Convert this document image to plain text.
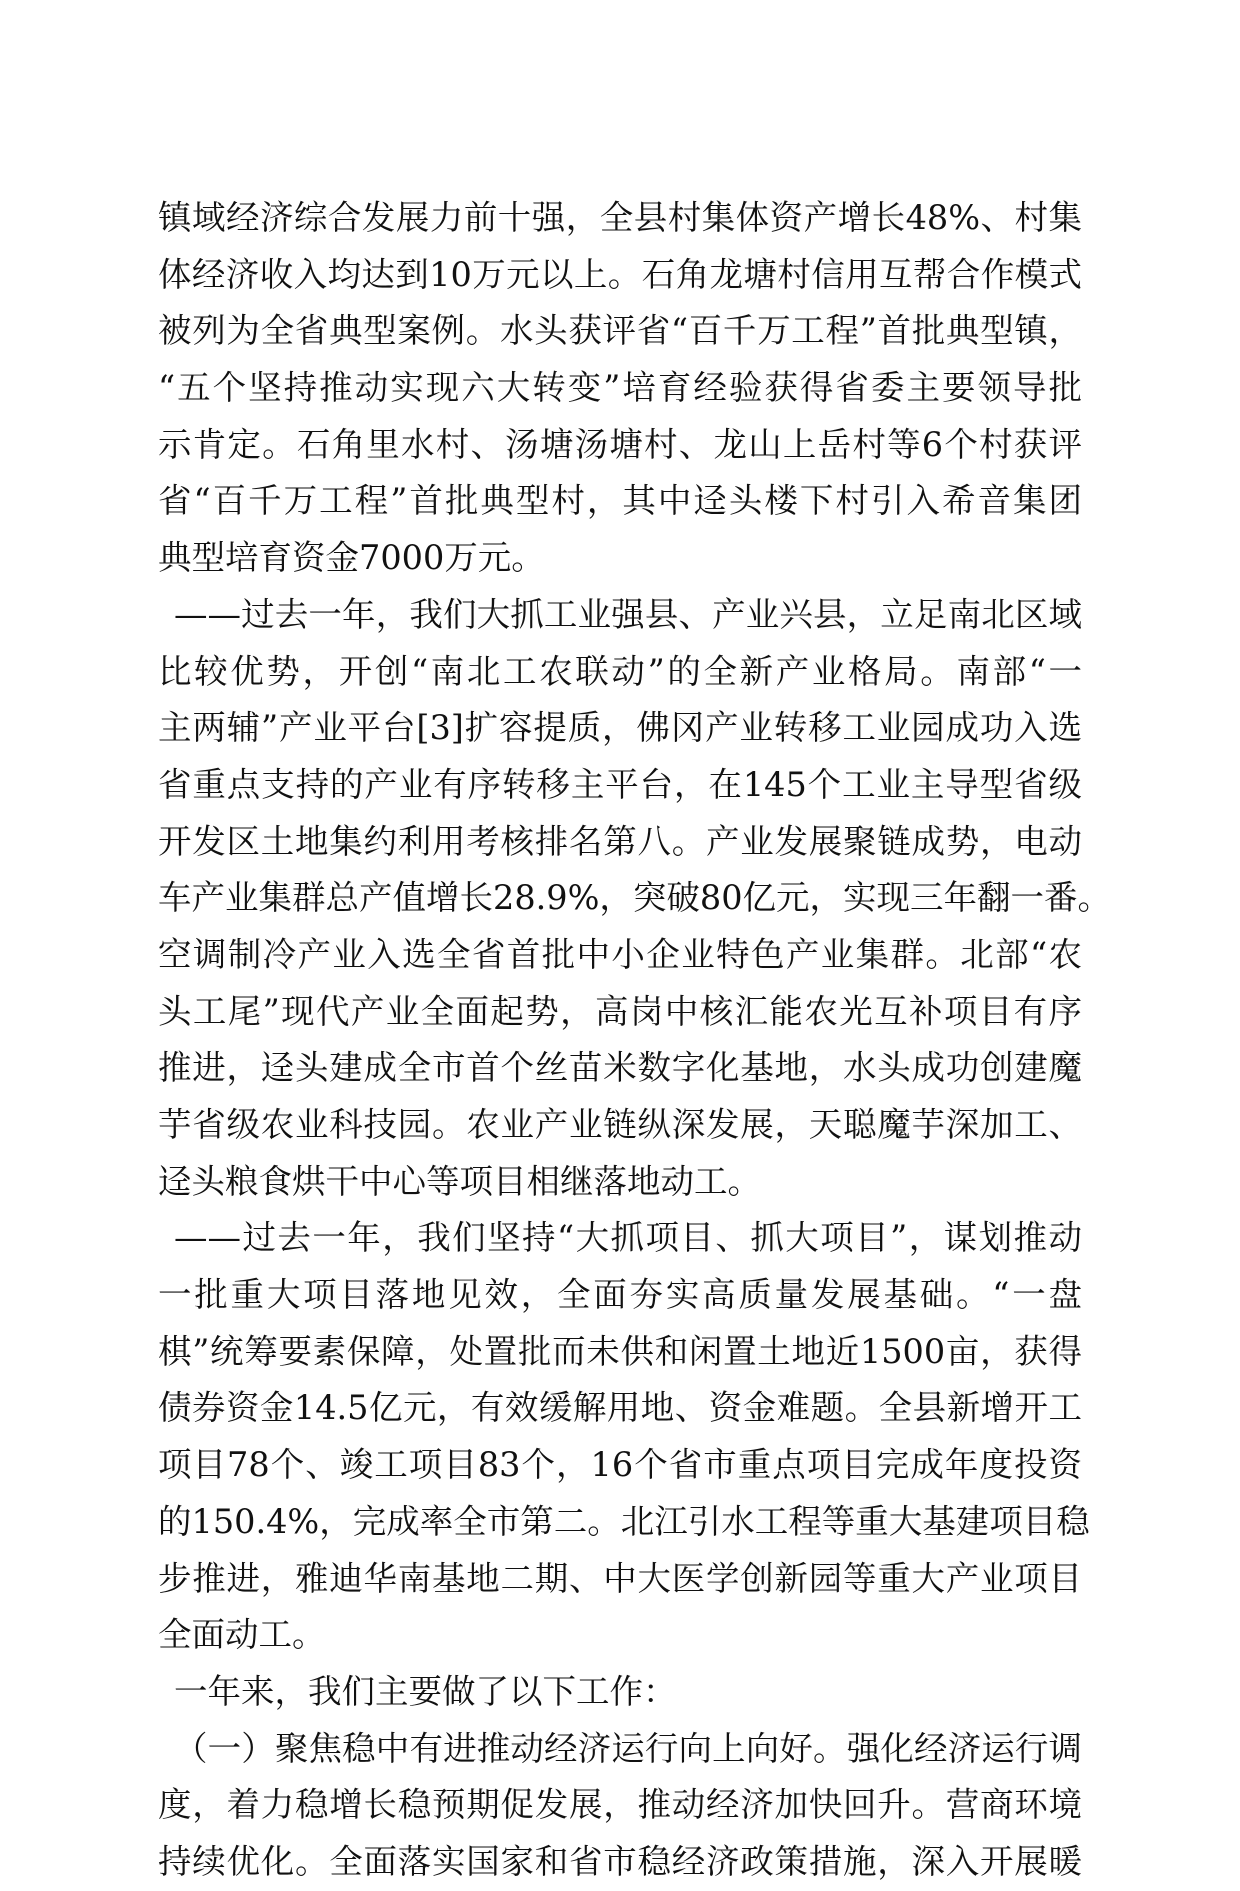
镇域经济综合发展力前十强，全县村集体资产增长48%、村集
体经济收入均达到10万元以上。石角龙塘村信用互帮合作模式
被列为全省典型案例。水头获评省“百千万工程”首批典型镇，
“五个坚持推动实现六大转变”培育经验获得省委主要领导批
示肯定。石角里水村、汤塘汤塘村、龙山上岳村等6个村获评
省“百千万工程”首批典型村，其中迳头楼下村引入希音集团
典型培育资金7000万元。
——过去一年，我们大抓工业强县、产业兴县，立足南北区域
比较优势，开创“南北工农联动”的全新产业格局。南部“一
主两辅”产业平台[3]扩容提质，佛冈产业转移工业园成功入选
省重点支持的产业有序转移主平台，在145个工业主导型省级
开发区土地集约利用考核排名第八。产业发展聚链成势，电动
车产业集群总产值增长28.9%，突破80亿元，实现三年翻一番。
空调制冷产业入选全省首批中小企业特色产业集群。北部“农
头工尾”现代产业全面起势，高岗中核汇能农光互补项目有序
推进，迳头建成全市首个丝苗米数字化基地，水头成功创建魔
芋省级农业科技园。农业产业链纵深发展，天聪魔芋深加工、
迳头粮食烘干中心等项目相继落地动工。
——过去一年，我们坚持“大抓项目、抓大项目”，谋划推动
一批重大项目落地见效，全面夯实高质量发展基础。“一盘
棋”统筹要素保障，处置批而未供和闲置土地近1500亩，获得
债券资金14.5亿元，有效缓解用地、资金难题。全县新增开工
项目78个、竣工项目83个，16个省市重点项目完成年度投资
的150.4%，完成率全市第二。北江引水工程等重大基建项目稳
步推进，雅迪华南基地二期、中大医学创新园等重大产业项目
全面动工。
一年来，我们主要做了以下工作：
（一）聚焦稳中有进推动经济运行向上向好。强化经济运行调
度，着力稳增长稳预期促发展，推动经济加快回升。营商环境
持续优化。全面落实国家和省市稳经济政策措施，深入开展暖
